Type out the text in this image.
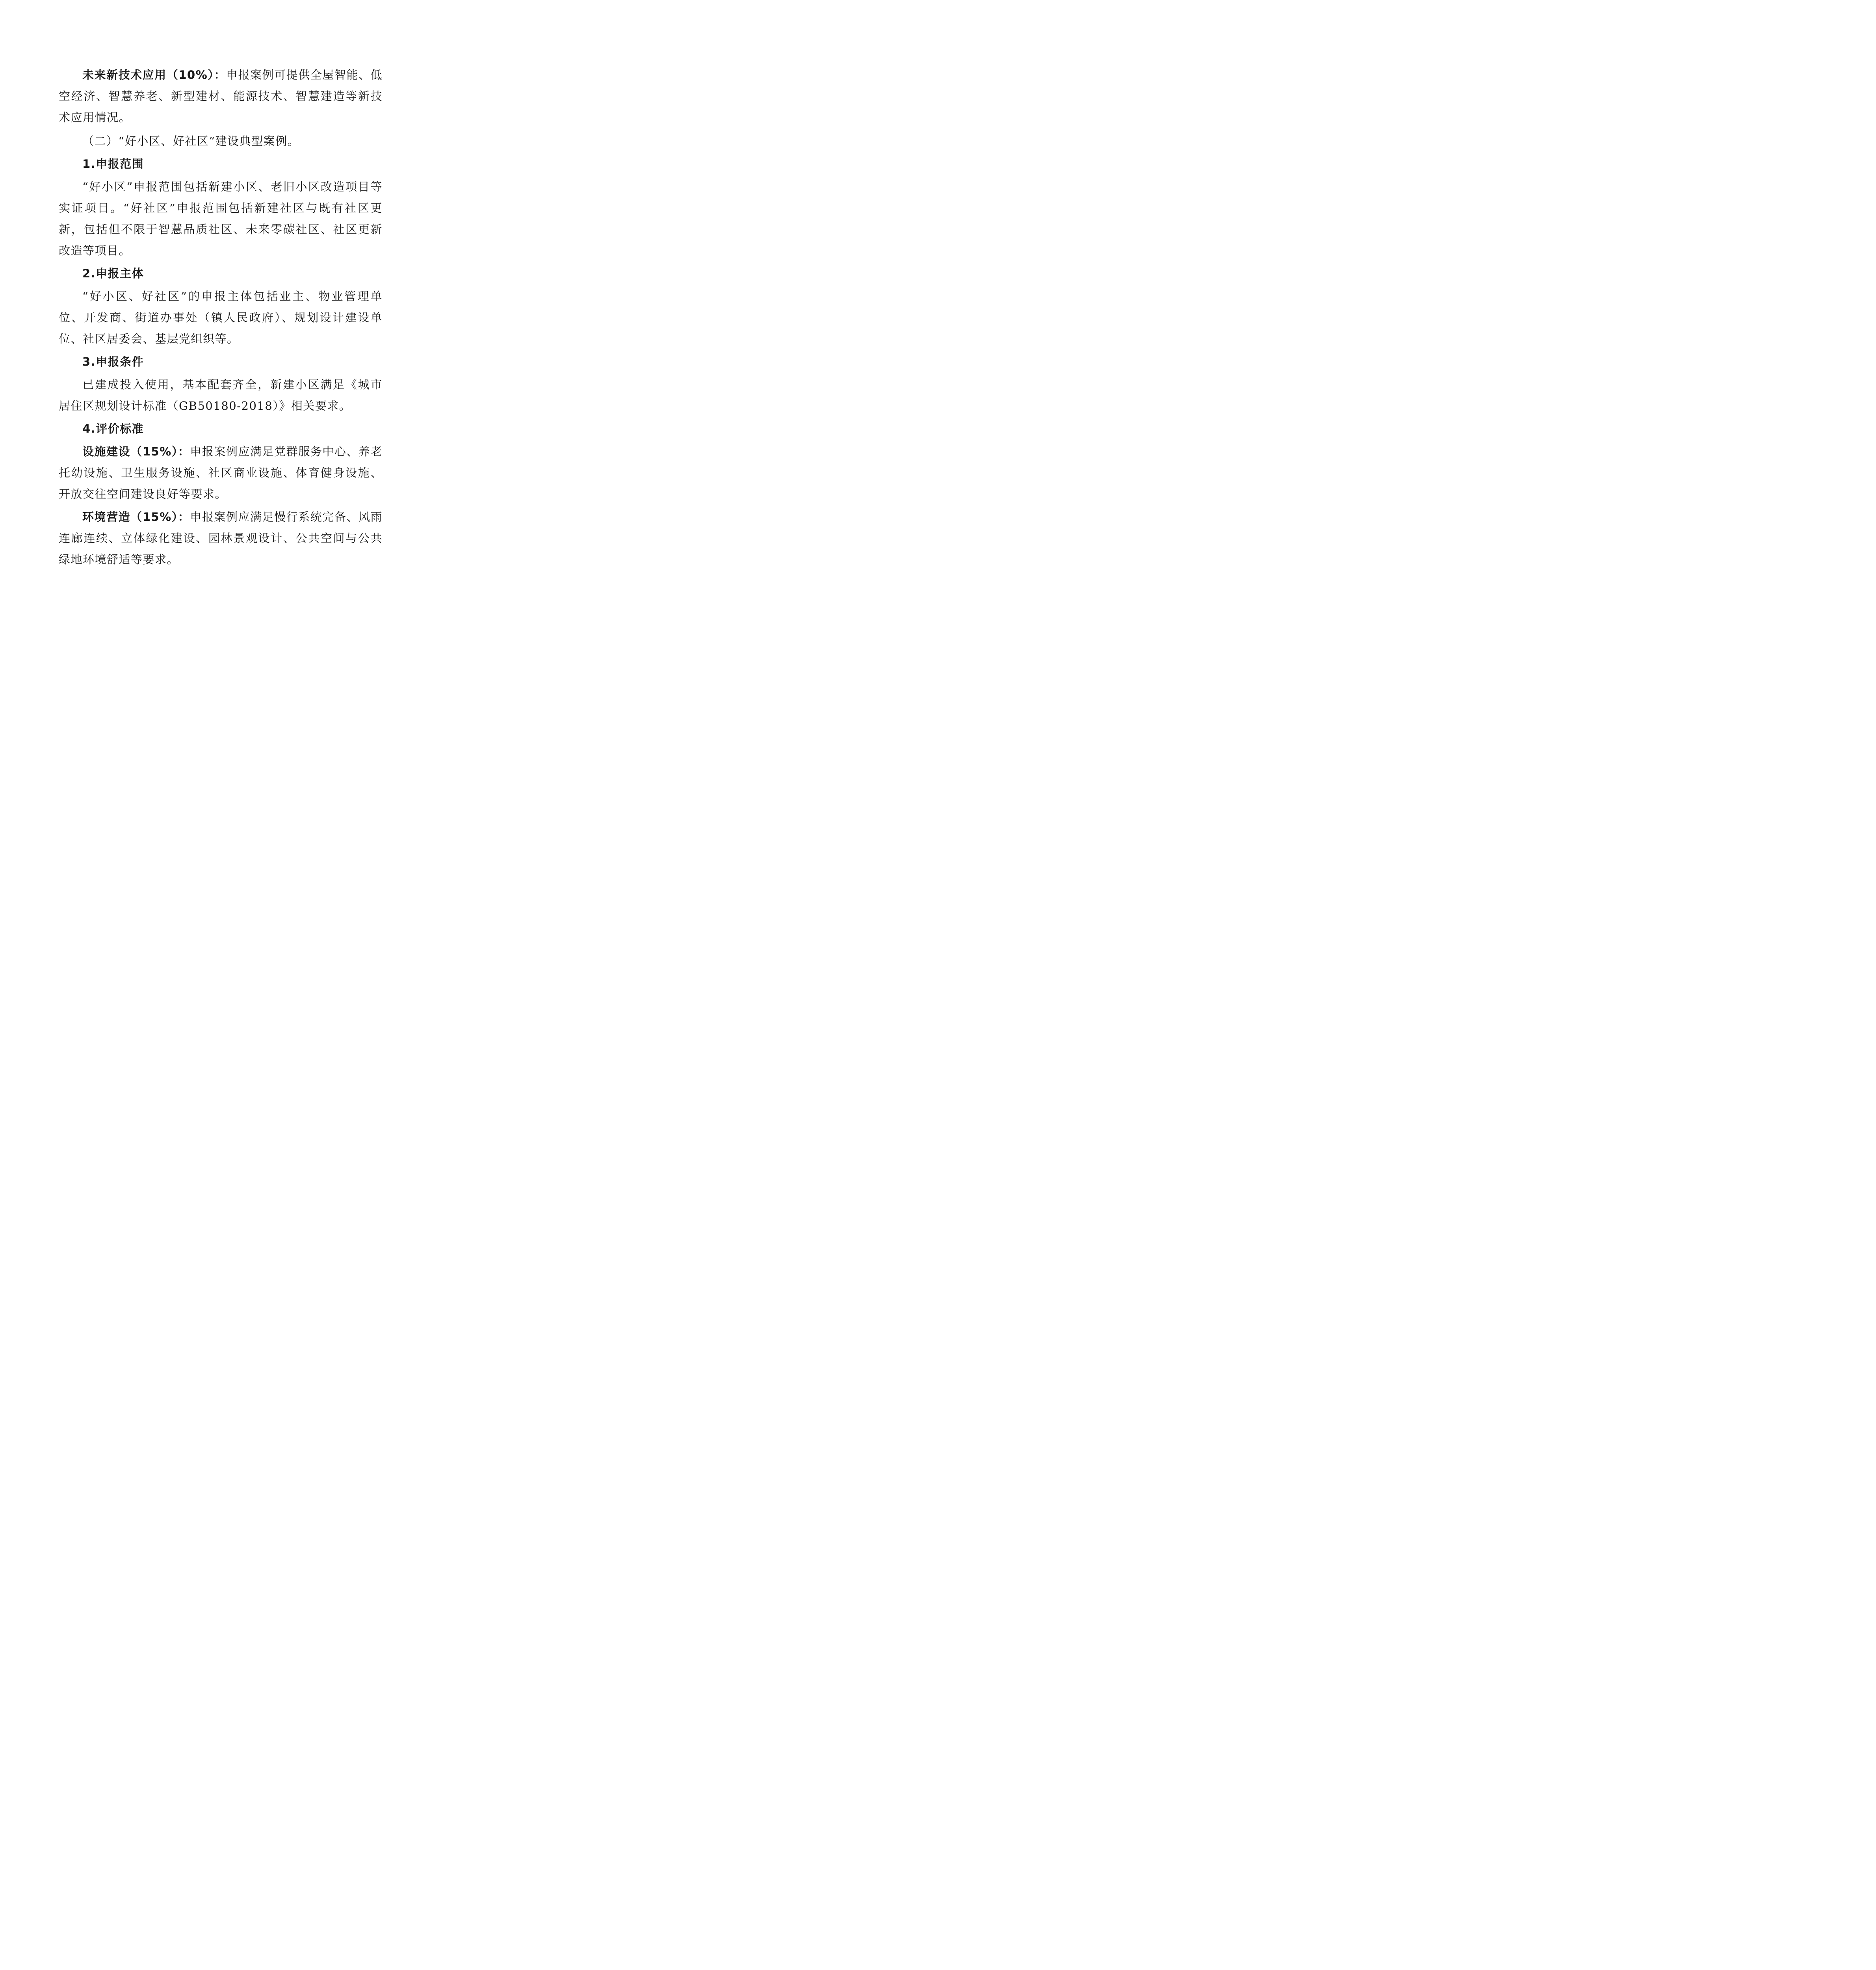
未来新技术应用（10%）：申报案例可提供全屋智能、低空经济、智慧养老、新型建材、能源技术、智慧建造等新技术应用情况。

（二）“好小区、好社区”建设典型案例。

1.申报范围

“好小区”申报范围包括新建小区、老旧小区改造项目等实证项目。“好社区”申报范围包括新建社区与既有社区更新，包括但不限于智慧品质社区、未来零碳社区、社区更新改造等项目。

2.申报主体

“好小区、好社区”的申报主体包括业主、物业管理单位、开发商、街道办事处（镇人民政府）、规划设计建设单位、社区居委会、基层党组织等。

3.申报条件

已建成投入使用，基本配套齐全，新建小区满足《城市居住区规划设计标准（GB50180-2018）》相关要求。

4.评价标准

设施建设（15%）：申报案例应满足党群服务中心、养老托幼设施、卫生服务设施、社区商业设施、体育健身设施、开放交往空间建设良好等要求。

环境营造（15%）：申报案例应满足慢行系统完备、风雨连廊连续、立体绿化建设、园林景观设计、公共空间与公共绿地环境舒适等要求。
